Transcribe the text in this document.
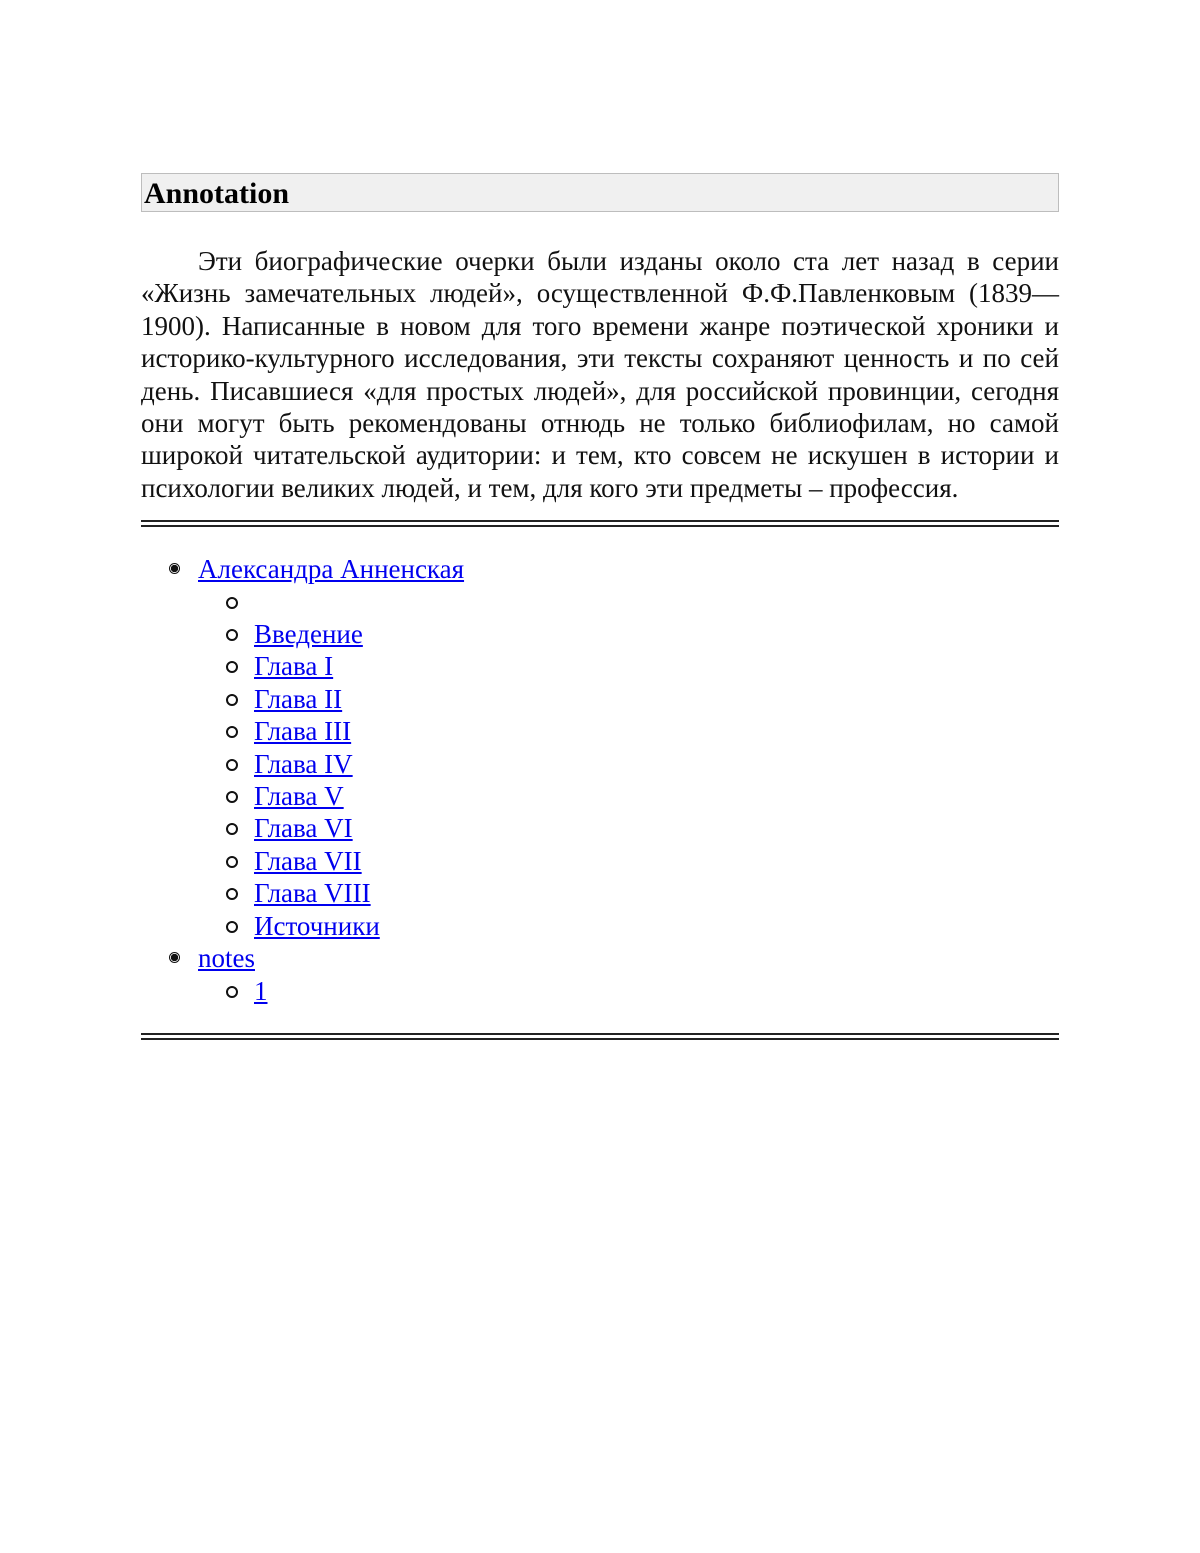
Annotation

Эти биографические очерки были изданы около ста лет назад в серии «Жизнь замечательных людей», осуществленной Ф.Ф.Павленковым (1839—1900). Написанные в новом для того времени жанре поэтической хроники и историко-культурного исследования, эти тексты сохраняют ценность и по сей день. Писавшиеся «для простых людей», для российской провинции, сегодня они могут быть рекомендованы отнюдь не только библиофилам, но самой широкой читательской аудитории: и тем, кто совсем не искушен в истории и психологии великих людей, и тем, для кого эти предметы – профессия.

Александра Анненская
Введение
Глава I
Глава II
Глава III
Глава IV
Глава V
Глава VI
Глава VII
Глава VIII
Источники
notes
1
